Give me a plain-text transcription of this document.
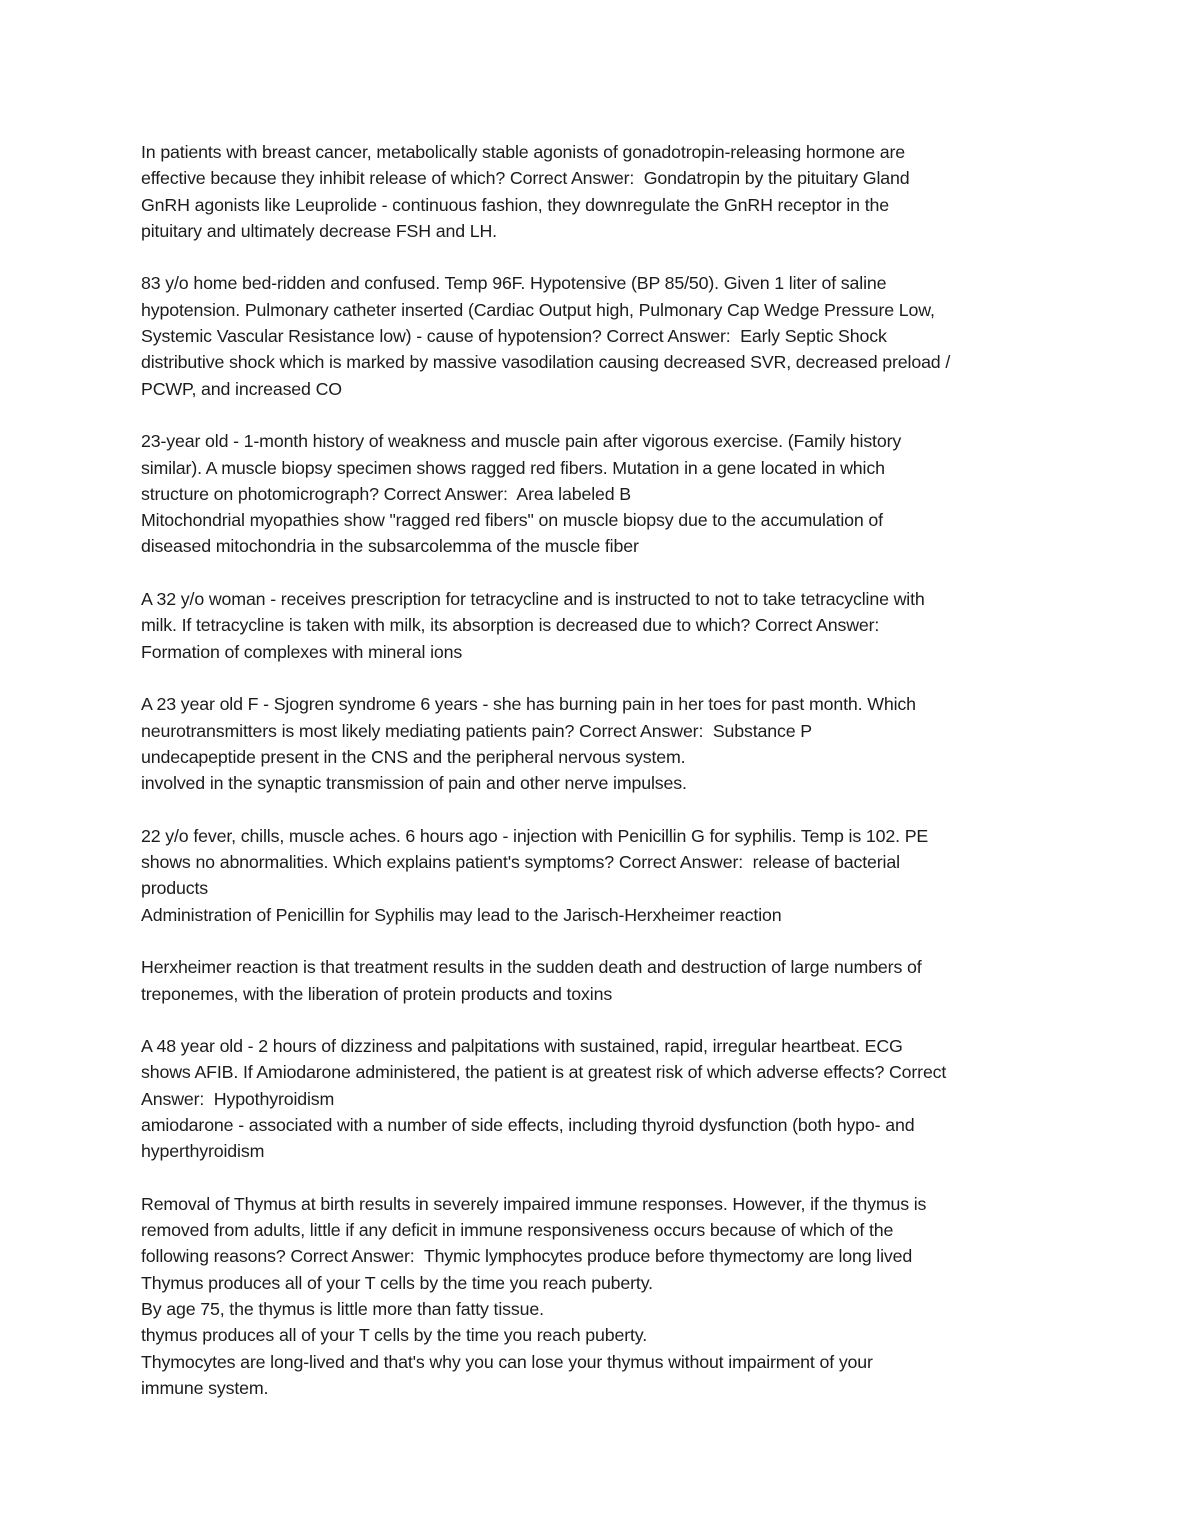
In patients with breast cancer, metabolically stable agonists of gonadotropin-releasing hormone are
effective because they inhibit release of which? Correct Answer:  Gondatropin by the pituitary Gland
GnRH agonists like Leuprolide - continuous fashion, they downregulate the GnRH receptor in the
pituitary and ultimately decrease FSH and LH.
83 y/o home bed-ridden and confused. Temp 96F. Hypotensive (BP 85/50). Given 1 liter of saline
hypotension. Pulmonary catheter inserted (Cardiac Output high, Pulmonary Cap Wedge Pressure Low,
Systemic Vascular Resistance low) - cause of hypotension? Correct Answer:  Early Septic Shock
distributive shock which is marked by massive vasodilation causing decreased SVR, decreased preload /
PCWP, and increased CO
23-year old - 1-month history of weakness and muscle pain after vigorous exercise. (Family history
similar). A muscle biopsy specimen shows ragged red fibers. Mutation in a gene located in which
structure on photomicrograph? Correct Answer:  Area labeled B
Mitochondrial myopathies show "ragged red fibers" on muscle biopsy due to the accumulation of
diseased mitochondria in the subsarcolemma of the muscle fiber
A 32 y/o woman - receives prescription for tetracycline and is instructed to not to take tetracycline with
milk. If tetracycline is taken with milk, its absorption is decreased due to which? Correct Answer:
Formation of complexes with mineral ions
A 23 year old F - Sjogren syndrome 6 years - she has burning pain in her toes for past month. Which
neurotransmitters is most likely mediating patients pain? Correct Answer:  Substance P
undecapeptide present in the CNS and the peripheral nervous system.
involved in the synaptic transmission of pain and other nerve impulses.
22 y/o fever, chills, muscle aches. 6 hours ago - injection with Penicillin G for syphilis. Temp is 102. PE
shows no abnormalities. Which explains patient's symptoms? Correct Answer:  release of bacterial
products
Administration of Penicillin for Syphilis may lead to the Jarisch-Herxheimer reaction
Herxheimer reaction is that treatment results in the sudden death and destruction of large numbers of
treponemes, with the liberation of protein products and toxins
A 48 year old - 2 hours of dizziness and palpitations with sustained, rapid, irregular heartbeat. ECG
shows AFIB. If Amiodarone administered, the patient is at greatest risk of which adverse effects? Correct
Answer:  Hypothyroidism
amiodarone - associated with a number of side effects, including thyroid dysfunction (both hypo- and
hyperthyroidism
Removal of Thymus at birth results in severely impaired immune responses. However, if the thymus is
removed from adults, little if any deficit in immune responsiveness occurs because of which of the
following reasons? Correct Answer:  Thymic lymphocytes produce before thymectomy are long lived
Thymus produces all of your T cells by the time you reach puberty.
By age 75, the thymus is little more than fatty tissue.
thymus produces all of your T cells by the time you reach puberty.
Thymocytes are long-lived and that's why you can lose your thymus without impairment of your
immune system.
